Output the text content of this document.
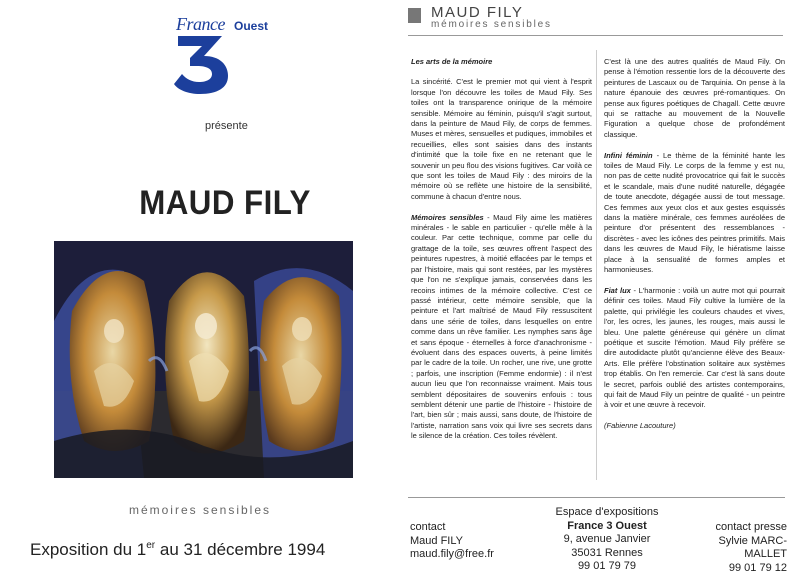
France Ouest
présente
MAUD FILY
mémoires sensibles
Exposition du 1er au 31 décembre 1994
MAUD FILY
mémoires sensibles
Les arts de la mémoire

La sincérité. C'est le premier mot qui vient à l'esprit lorsque l'on découvre les toiles de Maud Fily. Ses toiles ont la transparence onirique de la mémoire sensible. Mémoire au féminin, puisqu'il s'agit surtout, dans la peinture de Maud Fily, de corps de femmes. Muses et mères, sensuelles et pudiques, immobiles et recueillies, elles sont saisies dans des instants d'intimité que la toile fixe en ne retenant que le souvenir un peu flou des visions fugitives. Car voilà ce que sont les toiles de Maud Fily : des miroirs de la mémoire où se reflète une histoire de la sensibilité, commune à chacun d'entre nous.

Mémoires sensibles - Maud Fily aime les matières minérales - le sable en particulier - qu'elle mêle à la couleur. Par cette technique, comme par celle du grattage de la toile, ses œuvres offrent l'aspect des peintures rupestres, à moitié effacées par le temps et par l'histoire, mais qui sont restées, par les mystères que l'on ne s'explique jamais, conservées dans les recoins intimes de la mémoire collective. C'est ce passé intérieur, cette mémoire sensible, que la peinture et l'art maîtrisé de Maud Fily ressuscitent dans une série de toiles, dans lesquelles on entre comme dans un rêve familier. Les nymphes sans âge et sans époque - éternelles à force d'anachronisme - évoluent dans des espaces ouverts, à peine limités par le cadre de la toile. Un rocher, une rive, une grotte ; parfois, une inscription (Femme endormie) : il n'est aucun lieu que l'on reconnaisse vraiment. Mais tous semblent dépositaires de souvenirs enfouis : tous semblent détenir une partie de l'histoire - l'histoire de l'art, bien sûr ; mais aussi, sans doute, de l'histoire de l'artiste, narration sans voix qui livre ses secrets dans le silence de la création. Ces toiles révèlent.

C'est là une des autres qualités de Maud Fily. On pense à l'émotion ressentie lors de la découverte des peintures de Lascaux ou de Tarquinia. On pense à la nature épanouie des œuvres pré-romantiques. On pense aux figures poétiques de Chagall. Cette œuvre qui se rattache au mouvement de la Nouvelle Figuration a quelque chose de profondément classique.

Infini féminin - Le thème de la féminité hante les toiles de Maud Fily. Le corps de la femme y est nu, non pas de cette nudité provocatrice qui fait le succès et le scandale, mais d'une nudité naturelle, dégagée de toute anecdote, dégagée aussi de tout message. Ces femmes aux yeux clos et aux gestes esquissés dans la matière minérale, ces femmes auréolées de peinture d'or présentent des ressemblances - discrètes - avec les icônes des peintres primitifs. Mais dans les œuvres de Maud Fily, le hiératisme laisse place à la sensualité de formes amples et harmonieuses.

Fiat lux - L'harmonie : voilà un autre mot qui pourrait définir ces toiles. Maud Fily cultive la lumière de la palette, qui privilégie les couleurs chaudes et vives, l'or, les ocres, les jaunes, les rouges, mais aussi le bleu. Une palette généreuse qui génère un climat poétique et suscite l'émotion. Maud Fily préfère se dire autodidacte plutôt qu'ancienne élève des Beaux-Arts. Elle préfère l'obstination solitaire aux systèmes trop établis. On l'en remercie. Car c'est là sans doute le secret, parfois oublié des artistes contemporains, qui fait de Maud Fily un peintre de qualité - un peintre à voir et une œuvre à recevoir.

(Fabienne Lacouture)

contact
Maud FILY
maud.fily@free.fr
Espace d'expositions
France 3 Ouest
9, avenue Janvier
35031 Rennes
99 01 79 79
contact presse
Sylvie MARC-MALLET
99 01 79 12
